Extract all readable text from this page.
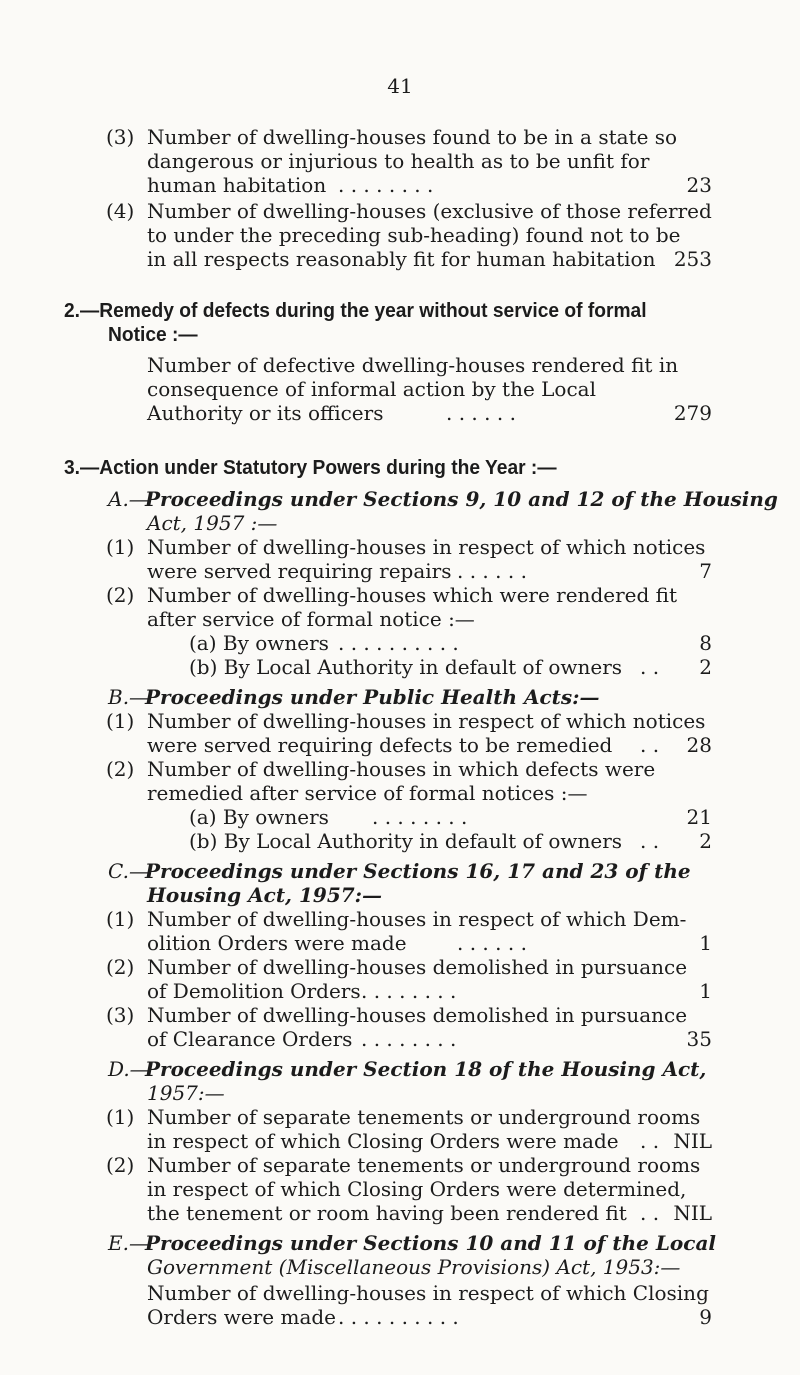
41
(3) Number of dwelling-houses found to be in a state so
dangerous or injurious to health as to be unfit for
human habitation . . . . . . . .	23
(4) Number of dwelling-houses (exclusive of those referred
to under the preceding sub-heading) found not to be
in all respects reasonably fit for human habitation 253
2.—Remedy of defects during the year without service of formal
Notice :—
Number of defective dwelling-houses rendered fit in
consequence of informal action by the Local
Authority or its officers	. . . . . .	279
3.—Action under Statutory Powers during the Year :—
A.—
Proceedings under Sections 9, 10 and 12 of the Housing
Act, 1957 :—
(1) Number of dwelling-houses in respect of which notices
were served requiring repairs . . . . . .	7
(2) Number of dwelling-houses which were rendered fit
after service of formal notice :—
(a) By owners . . . . . . . . . .	8
(b) By Local Authority in default of owners . . 2
B.—
Proceedings under Public Health Acts:—
(1) Number of dwelling-houses in respect of which notices
were served requiring defects to be remedied . . 28
(2) Number of dwelling-houses in which defects were
remedied after service of formal notices :—
(a) By owners . . . . . . . .	21
(b) By Local Authority in default of owners . . 2
C.—
Proceedings under Sections 16, 17 and 23 of the
Housing Act, 1957:—
(1) Number of dwelling-houses in respect of which Dem-
olition Orders were made	. . . . . .	1
(2) Number of dwelling-houses demolished in pursuance
of Demolition Orders . . . . . . . .	1
(3) Number of dwelling-houses demolished in pursuance
of Clearance Orders . . . . . . . .	35
D.—
Proceedings under Section 18 of the Housing Act,
1957:—
(1) Number of separate tenements or underground rooms
in respect of which Closing Orders were made . . NIL
(2) Number of separate tenements or underground rooms
in respect of which Closing Orders were determined,
the tenement or room having been rendered fit . . NIL
E.—
Proceedings under Sections 10 and 11 of the Local
Government (Miscellaneous Provisions) Act, 1953:—
Number of dwelling-houses in respect of which Closing
Orders were made . . . . . . . . . .	9
